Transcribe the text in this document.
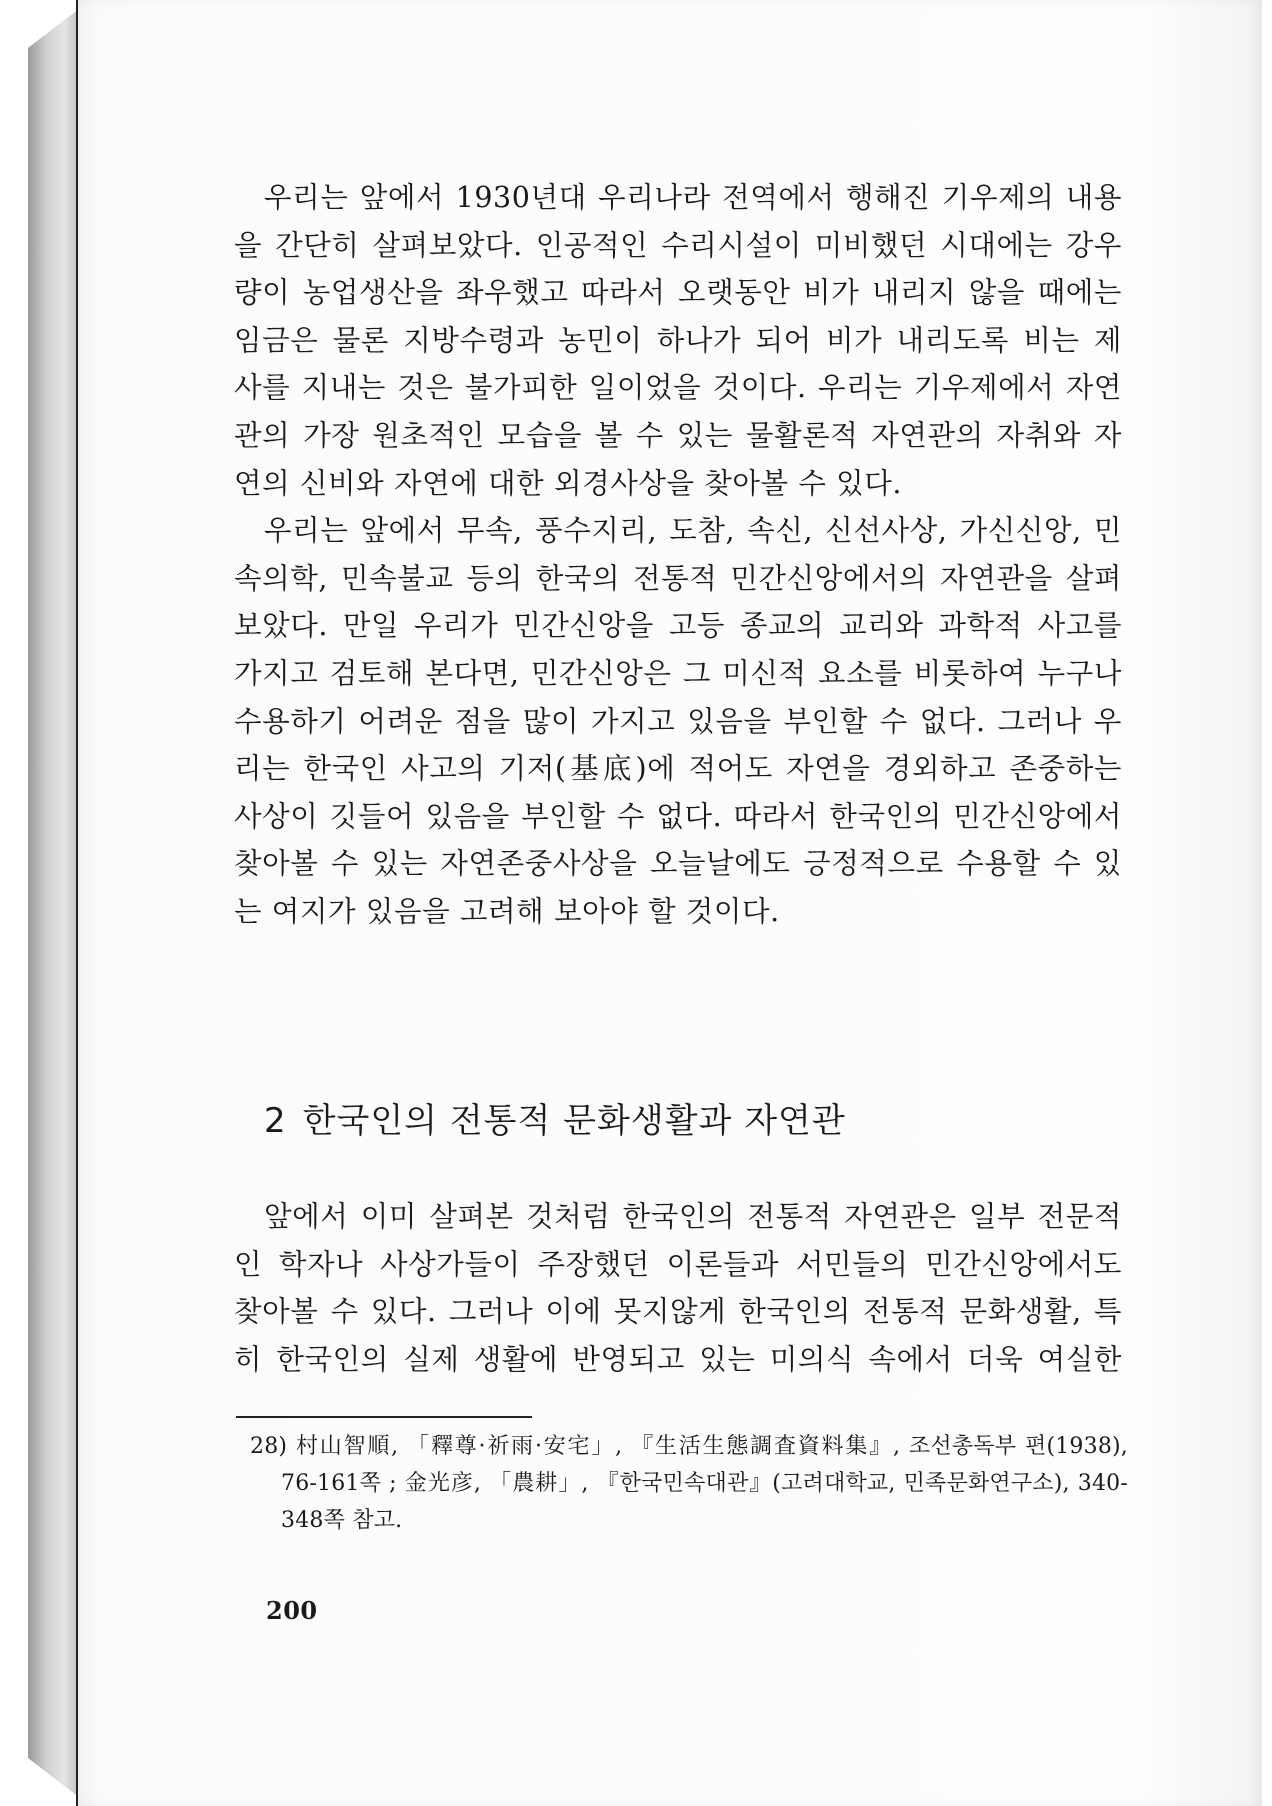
우리는 앞에서 1930년대 우리나라 전역에서 행해진 기우제의 내용
을 간단히 살펴보았다. 인공적인 수리시설이 미비했던 시대에는 강우
량이 농업생산을 좌우했고 따라서 오랫동안 비가 내리지 않을 때에는
임금은 물론 지방수령과 농민이 하나가 되어 비가 내리도록 비는 제
사를 지내는 것은 불가피한 일이었을 것이다. 우리는 기우제에서 자연
관의 가장 원초적인 모습을 볼 수 있는 물활론적 자연관의 자취와 자
연의 신비와 자연에 대한 외경사상을 찾아볼 수 있다.

우리는 앞에서 무속, 풍수지리, 도참, 속신, 신선사상, 가신신앙, 민
속의학, 민속불교 등의 한국의 전통적 민간신앙에서의 자연관을 살펴
보았다. 만일 우리가 민간신앙을 고등 종교의 교리와 과학적 사고를
가지고 검토해 본다면, 민간신앙은 그 미신적 요소를 비롯하여 누구나
수용하기 어려운 점을 많이 가지고 있음을 부인할 수 없다. 그러나 우
리는 한국인 사고의 기저(基底)에 적어도 자연을 경외하고 존중하는
사상이 깃들어 있음을 부인할 수 없다. 따라서 한국인의 민간신앙에서
찾아볼 수 있는 자연존중사상을 오늘날에도 긍정적으로 수용할 수 있
는 여지가 있음을 고려해 보아야 할 것이다.

2 한국인의 전통적 문화생활과 자연관

앞에서 이미 살펴본 것처럼 한국인의 전통적 자연관은 일부 전문적
인 학자나 사상가들이 주장했던 이론들과 서민들의 민간신앙에서도
찾아볼 수 있다. 그러나 이에 못지않게 한국인의 전통적 문화생활, 특
히 한국인의 실제 생활에 반영되고 있는 미의식 속에서 더욱 여실한

28) 村山智順, 「釋尊·祈雨·安宅」, 『生活生態調査資料集』, 조선총독부 편(1938),
76-161쪽 ; 金光彦, 「農耕」, 『한국민속대관』(고려대학교, 민족문화연구소), 340-
348쪽 참고.
200
